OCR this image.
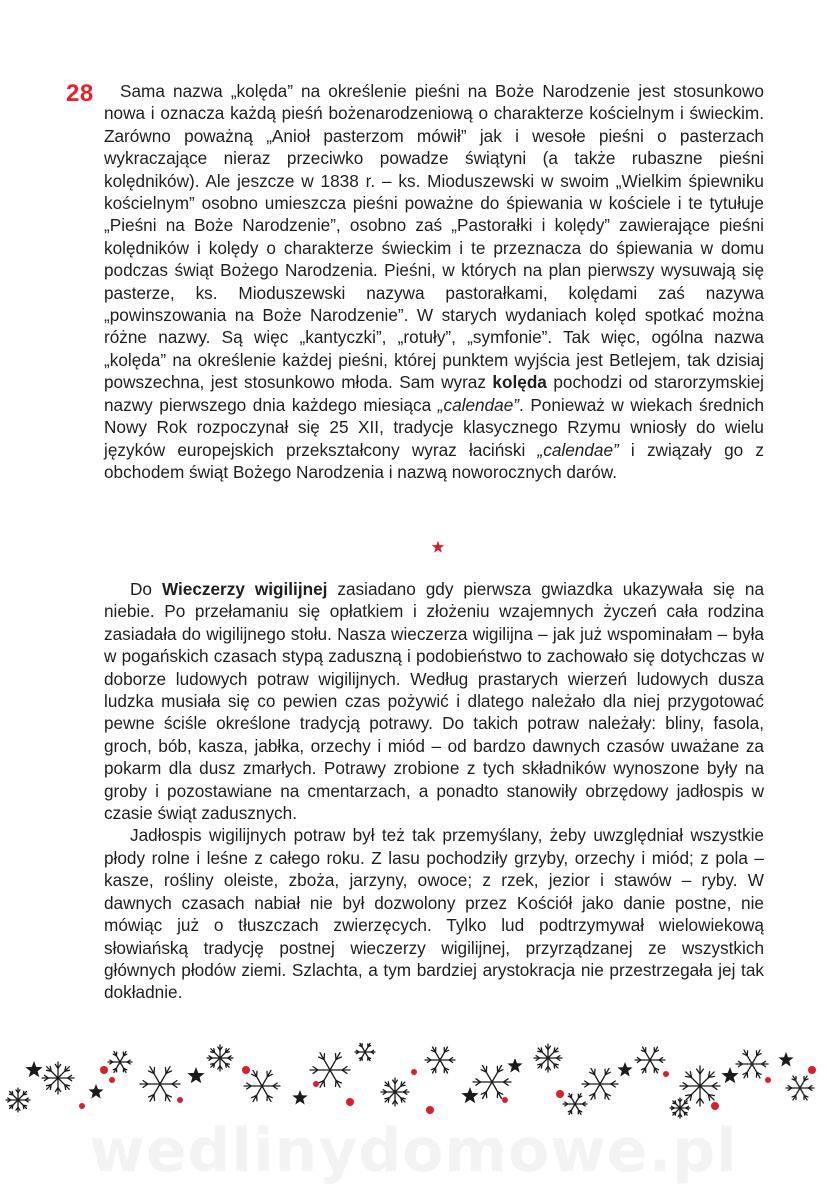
28	Sama nazwa „kolęda” na określenie pieśni na Boże Narodzenie jest stosunkowo nowa i oznacza każdą pieśń bożenarodzeniową o charakterze kościelnym i świeckim. Zarówno poważną „Anioł pasterzom mówił” jak i wesołe pieśni o pasterzach wykraczające nieraz przeciwko powadze świątyni (a także rubaszne pieśni kolędników). Ale jeszcze w 1838 r. – ks. Mioduszewski w swoim „Wielkim śpiewniku kościelnym” osobno umieszcza pieśni poważne do śpiewania w kościele i te tytułuje „Pieśni na Boże Narodzenie”, osobno zaś „Pastorałki i kolędy” zawierające pieśni kolędników i kolędy o charakterze świeckim i te przeznacza do śpiewania w domu podczas świąt Bożego Narodzenia. Pieśni, w których na plan pierwszy wysuwają się pasterze, ks. Mioduszewski nazywa pastorałkami, kolędami zaś nazywa „powinszowania na Boże Narodzenie”. W starych wydaniach kolęd spotkać można różne nazwy. Są więc „kantyczki”, „rotuły”, „symfonie”. Tak więc, ogólna nazwa „kolęda” na określenie każdej pieśni, której punktem wyjścia jest Betlejem, tak dzisiaj powszechna, jest stosunkowo młoda. Sam wyraz kolęda pochodzi od starorzymskiej nazwy pierwszego dnia każdego miesiąca „calendae”. Ponieważ w wiekach średnich Nowy Rok rozpoczynał się 25 XII, tradycje klasycznego Rzymu wniosły do wielu języków europejskich przekształcony wyraz łaciński „calendae” i związały go z obchodem świąt Bożego Narodzenia i nazwą noworocznych darów.

Do Wieczerzy wigilijnej zasiadano gdy pierwsza gwiazdka ukazywała się na niebie. Po przełamaniu się opłatkiem i złożeniu wzajemnych życzeń cała rodzina zasiadała do wigilijnego stołu. Nasza wieczerza wigilijna – jak już wspominałam – była w pogańskich czasach stypą zaduszną i podobieństwo to zachowało się dotychczas w doborze ludowych potraw wigilijnych. Według prastarych wierzeń ludowych dusza ludzka musiała się co pewien czas pożywić i dlatego należało dla niej przygotować pewne ściśle określone tradycją potrawy. Do takich potraw należały: bliny, fasola, groch, bób, kasza, jabłka, orzechy i miód – od bardzo dawnych czasów uważane za pokarm dla dusz zmarłych. Potrawy zrobione z tych składników wynoszone były na groby i pozostawiane na cmentarzach, a ponadto stanowiły obrzędowy jadłospis w czasie świąt zadusznych.

Jadłospis wigilijnych potraw był też tak przemyślany, żeby uwzględniał wszystkie płody rolne i leśne z całego roku. Z lasu pochodziły grzyby, orzechy i miód; z pola – kasze, rośliny oleiste, zboża, jarzyny, owoce; z rzek, jezior i stawów – ryby. W dawnych czasach nabiał nie był dozwolony przez Kościół jako danie postne, nie mówiąc już o tłuszczach zwierzęcych. Tylko lud podtrzymywał wielowiekową słowiańską tradycję postnej wieczerzy wigilijnej, przyrządzanej ze wszystkich głównych płodów ziemi. Szlachta, a tym bardziej arystokracja nie przestrzegała jej tak dokładnie.

wedlinydomowe.pl
